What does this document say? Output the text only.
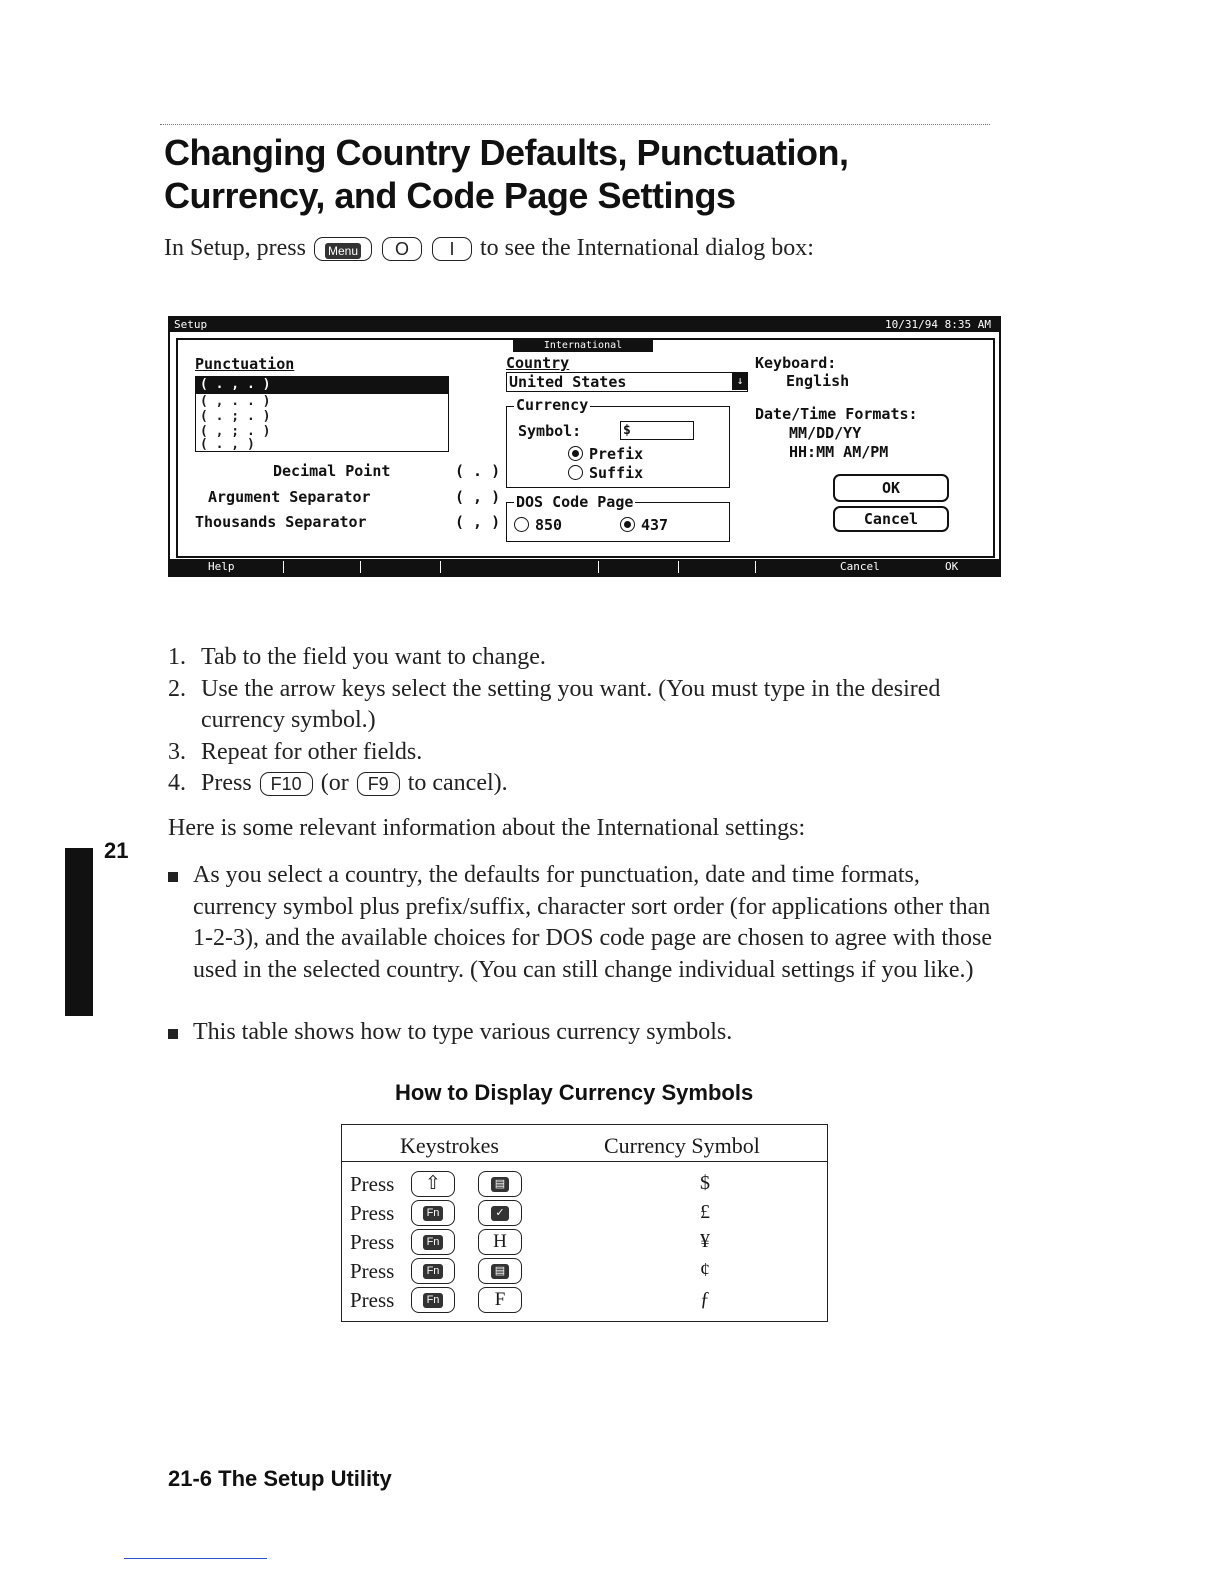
Changing Country Defaults, Punctuation,
Currency, and Code Page Settings
In Setup, press Menu O I to see the International dialog box:
Setup	10/31/94 8:35 AM
International
Punctuation
( . , . )
( , . . )
( . ; . )
( , ; . )
( . , )
Decimal Point	( . )
Argument Separator	( , )
Thousands Separator	( , )
Country
United States	↓
Currency
Symbol:	$
Prefix
Suffix
DOS Code Page
850	437
Keyboard:
English
Date/Time Formats:
MM/DD/YY
HH:MM AM/PM
OK
Cancel
Help	Cancel	OK
1. Tab to the field you want to change.
2. Use the arrow keys select the setting you want. (You must type in the desired currency symbol.)
3. Repeat for other fields.
4. Press F10 (or F9 to cancel).
21
Here is some relevant information about the International settings:
As you select a country, the defaults for punctuation, date and time formats, currency symbol plus prefix/suffix, character sort order (for applications other than 1-2-3), and the available choices for DOS code page are chosen to agree with those used in the selected country. (You can still change individual settings if you like.)
This table shows how to type various currency symbols.
How to Display Currency Symbols
Keystrokes	Currency Symbol
Press	⇧	▤	$
Press	Fn	✓	£
Press	Fn	H	¥
Press	Fn	▤	¢
Press	Fn	F	ƒ
21-6 The Setup Utility
